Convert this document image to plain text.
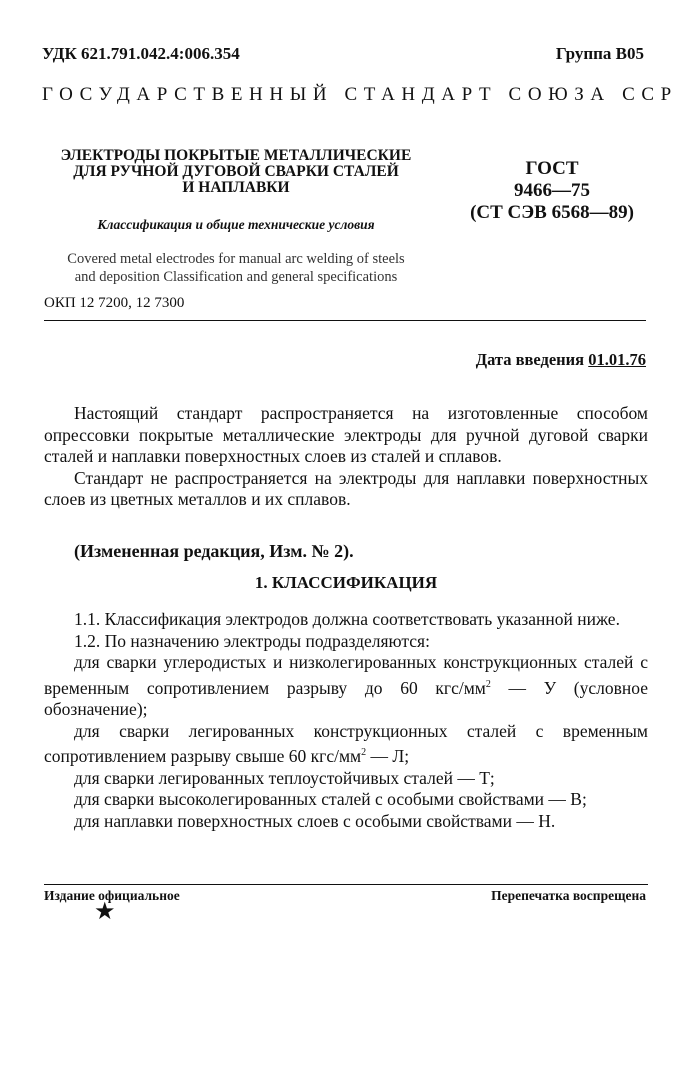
УДК 621.791.042.4:006.354	Группа В05
ГОСУДАРСТВЕННЫЙ СТАНДАРТ СОЮЗА ССР
ЭЛЕКТРОДЫ ПОКРЫТЫЕ МЕТАЛЛИЧЕСКИЕ
ДЛЯ РУЧНОЙ ДУГОВОЙ СВАРКИ СТАЛЕЙ
И НАПЛАВКИ
ГОСТ
9466—75
(СТ СЭВ 6568—89)
Классификация и общие технические условия
Covered metal electrodes for manual arc welding of steels
and deposition Classification and general specifications
ОКП 12 7200, 12 7300
Дата введения 01.01.76

Настоящий стандарт распространяется на изготовленные способом опрессовки покрытые металлические электроды для ручной дуговой сварки сталей и наплавки поверхностных слоев из сталей и сплавов.

Стандарт не распространяется на электроды для наплавки поверхностных слоев из цветных металлов и их сплавов.

(Измененная редакция, Изм. № 2).
1. КЛАССИФИКАЦИЯ

1.1. Классификация электродов должна соответствовать указанной ниже.

1.2. По назначению электроды подразделяются:

для сварки углеродистых и низколегированных конструкционных сталей с временным сопротивлением разрыву до 60 кгс/$мм^2$ — У (условное обозначение);

для сварки легированных конструкционных сталей с временным сопротивлением разрыву свыше 60 кгс/$мм^2$ — Л;

для сварки легированных теплоустойчивых сталей — Т;

для сварки высоколегированных сталей с особыми свойствами — В;

для наплавки поверхностных слоев с особыми свойствами — Н.

Издание официальное	Перепечатка воспрещена
★
